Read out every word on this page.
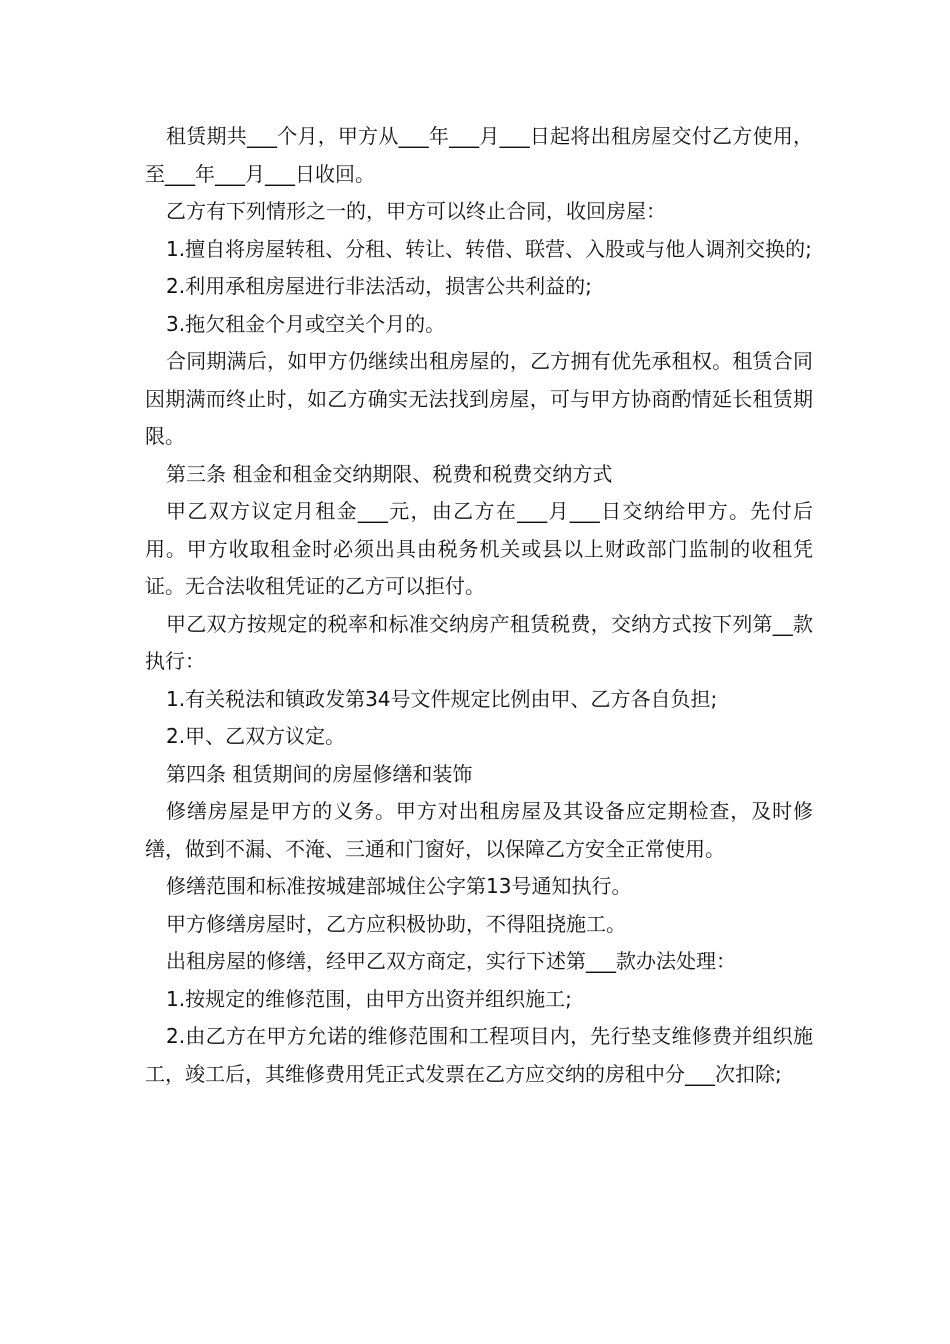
租赁期共___个月，甲方从___年___月___日起将出租房屋交付乙方使用，至___年___月___日收回。

乙方有下列情形之一的，甲方可以终止合同，收回房屋：

1.擅自将房屋转租、分租、转让、转借、联营、入股或与他人调剂交换的;

2.利用承租房屋进行非法活动，损害公共利益的;

3.拖欠租金个月或空关个月的。

合同期满后，如甲方仍继续出租房屋的，乙方拥有优先承租权。租赁合同因期满而终止时，如乙方确实无法找到房屋，可与甲方协商酌情延长租赁期限。

第三条 租金和租金交纳期限、税费和税费交纳方式

甲乙双方议定月租金___元，由乙方在___月___日交纳给甲方。先付后用。甲方收取租金时必须出具由税务机关或县以上财政部门监制的收租凭证。无合法收租凭证的乙方可以拒付。

甲乙双方按规定的税率和标准交纳房产租赁税费，交纳方式按下列第__款执行：

1.有关税法和镇政发第34号文件规定比例由甲、乙方各自负担;

2.甲、乙双方议定。

第四条 租赁期间的房屋修缮和装饰

修缮房屋是甲方的义务。甲方对出租房屋及其设备应定期检查，及时修缮，做到不漏、不淹、三通和门窗好，以保障乙方安全正常使用。

修缮范围和标准按城建部城住公字第13号通知执行。

甲方修缮房屋时，乙方应积极协助，不得阻挠施工。

出租房屋的修缮，经甲乙双方商定，实行下述第___款办法处理：

1.按规定的维修范围，由甲方出资并组织施工;

2.由乙方在甲方允诺的维修范围和工程项目内，先行垫支维修费并组织施工，竣工后，其维修费用凭正式发票在乙方应交纳的房租中分___次扣除;
